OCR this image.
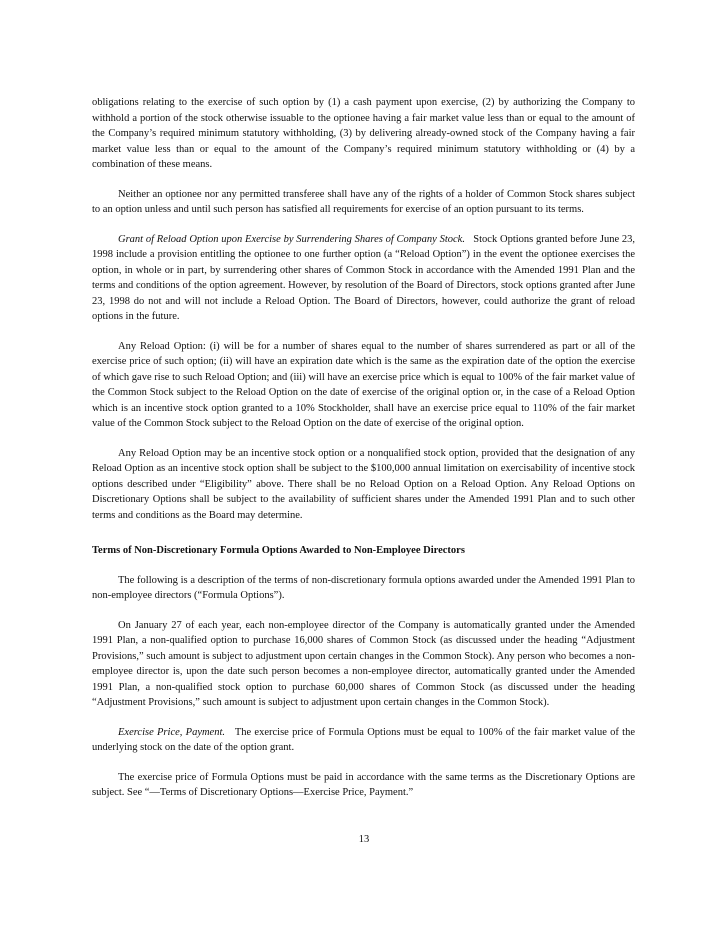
obligations relating to the exercise of such option by (1) a cash payment upon exercise, (2) by authorizing the Company to withhold a portion of the stock otherwise issuable to the optionee having a fair market value less than or equal to the amount of the Company’s required minimum statutory withholding, (3) by delivering already-owned stock of the Company having a fair market value less than or equal to the amount of the Company’s required minimum statutory withholding or (4) by a combination of these means.

Neither an optionee nor any permitted transferee shall have any of the rights of a holder of Common Stock shares subject to an option unless and until such person has satisfied all requirements for exercise of an option pursuant to its terms.

Grant of Reload Option upon Exercise by Surrendering Shares of Company Stock. Stock Options granted before June 23, 1998 include a provision entitling the optionee to one further option (a “Reload Option”) in the event the optionee exercises the option, in whole or in part, by surrendering other shares of Common Stock in accordance with the Amended 1991 Plan and the terms and conditions of the option agreement. However, by resolution of the Board of Directors, stock options granted after June 23, 1998 do not and will not include a Reload Option. The Board of Directors, however, could authorize the grant of reload options in the future.

Any Reload Option: (i) will be for a number of shares equal to the number of shares surrendered as part or all of the exercise price of such option; (ii) will have an expiration date which is the same as the expiration date of the option the exercise of which gave rise to such Reload Option; and (iii) will have an exercise price which is equal to 100% of the fair market value of the Common Stock subject to the Reload Option on the date of exercise of the original option or, in the case of a Reload Option which is an incentive stock option granted to a 10% Stockholder, shall have an exercise price equal to 110% of the fair market value of the Common Stock subject to the Reload Option on the date of exercise of the original option.

Any Reload Option may be an incentive stock option or a nonqualified stock option, provided that the designation of any Reload Option as an incentive stock option shall be subject to the $100,000 annual limitation on exercisability of incentive stock options described under “Eligibility” above. There shall be no Reload Option on a Reload Option. Any Reload Options on Discretionary Options shall be subject to the availability of sufficient shares under the Amended 1991 Plan and to such other terms and conditions as the Board may determine.

Terms of Non-Discretionary Formula Options Awarded to Non-Employee Directors

The following is a description of the terms of non-discretionary formula options awarded under the Amended 1991 Plan to non-employee directors (“Formula Options”).

On January 27 of each year, each non-employee director of the Company is automatically granted under the Amended 1991 Plan, a non-qualified option to purchase 16,000 shares of Common Stock (as discussed under the heading “Adjustment Provisions,” such amount is subject to adjustment upon certain changes in the Common Stock). Any person who becomes a non-employee director is, upon the date such person becomes a non-employee director, automatically granted under the Amended 1991 Plan, a non-qualified stock option to purchase 60,000 shares of Common Stock (as discussed under the heading “Adjustment Provisions,” such amount is subject to adjustment upon certain changes in the Common Stock).

Exercise Price, Payment. The exercise price of Formula Options must be equal to 100% of the fair market value of the underlying stock on the date of the option grant.

The exercise price of Formula Options must be paid in accordance with the same terms as the Discretionary Options are subject. See “—Terms of Discretionary Options—Exercise Price, Payment.”

13
